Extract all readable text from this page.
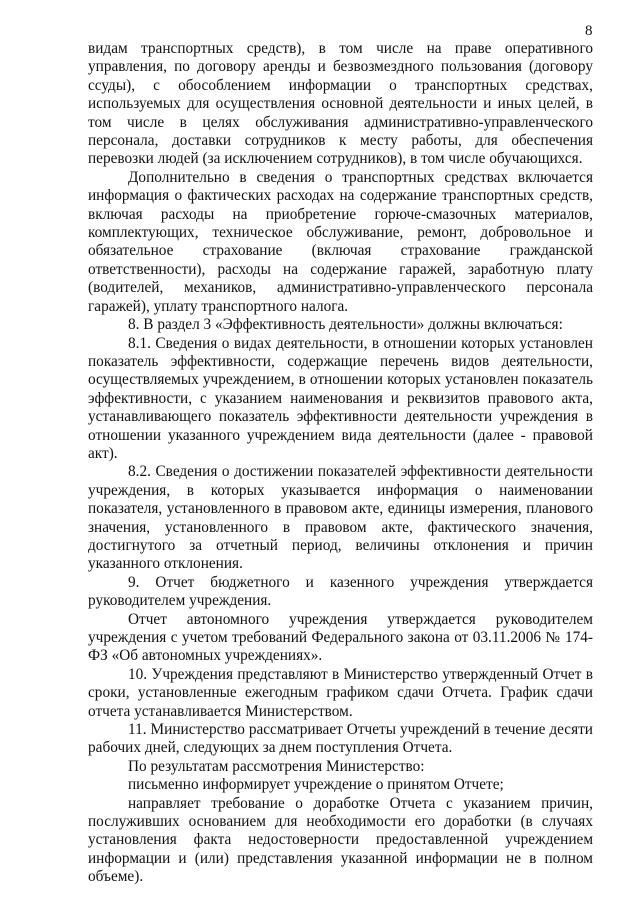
8

видам транспортных средств), в том числе на праве оперативного управления, по договору аренды и безвозмездного пользования (договору ссуды), с обособлением информации о транспортных средствах, используемых для осуществления основной деятельности и иных целей, в том числе в целях обслуживания административно-управленческого персонала, доставки сотрудников к месту работы, для обеспечения перевозки людей (за исключением сотрудников), в том числе обучающихся.

Дополнительно в сведения о транспортных средствах включается информация о фактических расходах на содержание транспортных средств, включая расходы на приобретение горюче-смазочных материалов, комплектующих, техническое обслуживание, ремонт, добровольное и обязательное страхование (включая страхование гражданской ответственности), расходы на содержание гаражей, заработную плату (водителей, механиков, административно-управленческого персонала гаражей), уплату транспортного налога.

8. В раздел 3 «Эффективность деятельности» должны включаться:

8.1. Сведения о видах деятельности, в отношении которых установлен показатель эффективности, содержащие перечень видов деятельности, осуществляемых учреждением, в отношении которых установлен показатель эффективности, с указанием наименования и реквизитов правового акта, устанавливающего показатель эффективности деятельности учреждения в отношении указанного учреждением вида деятельности (далее - правовой акт).

8.2. Сведения о достижении показателей эффективности деятельности учреждения, в которых указывается информация о наименовании показателя, установленного в правовом акте, единицы измерения, планового значения, установленного в правовом акте, фактического значения, достигнутого за отчетный период, величины отклонения и причин указанного отклонения.

9. Отчет бюджетного и казенного учреждения утверждается руководителем учреждения.

Отчет автономного учреждения утверждается руководителем учреждения с учетом требований Федерального закона от 03.11.2006 № 174-ФЗ «Об автономных учреждениях».

10. Учреждения представляют в Министерство утвержденный Отчет в сроки, установленные ежегодным графиком сдачи Отчета. График сдачи отчета устанавливается Министерством.

11. Министерство рассматривает Отчеты учреждений в течение десяти рабочих дней, следующих за днем поступления Отчета.

По результатам рассмотрения Министерство:

письменно информирует учреждение о принятом Отчете;

направляет требование о доработке Отчета с указанием причин, послуживших основанием для необходимости его доработки (в случаях установления факта недостоверности предоставленной учреждением информации и (или) представления указанной информации не в полном объеме).
